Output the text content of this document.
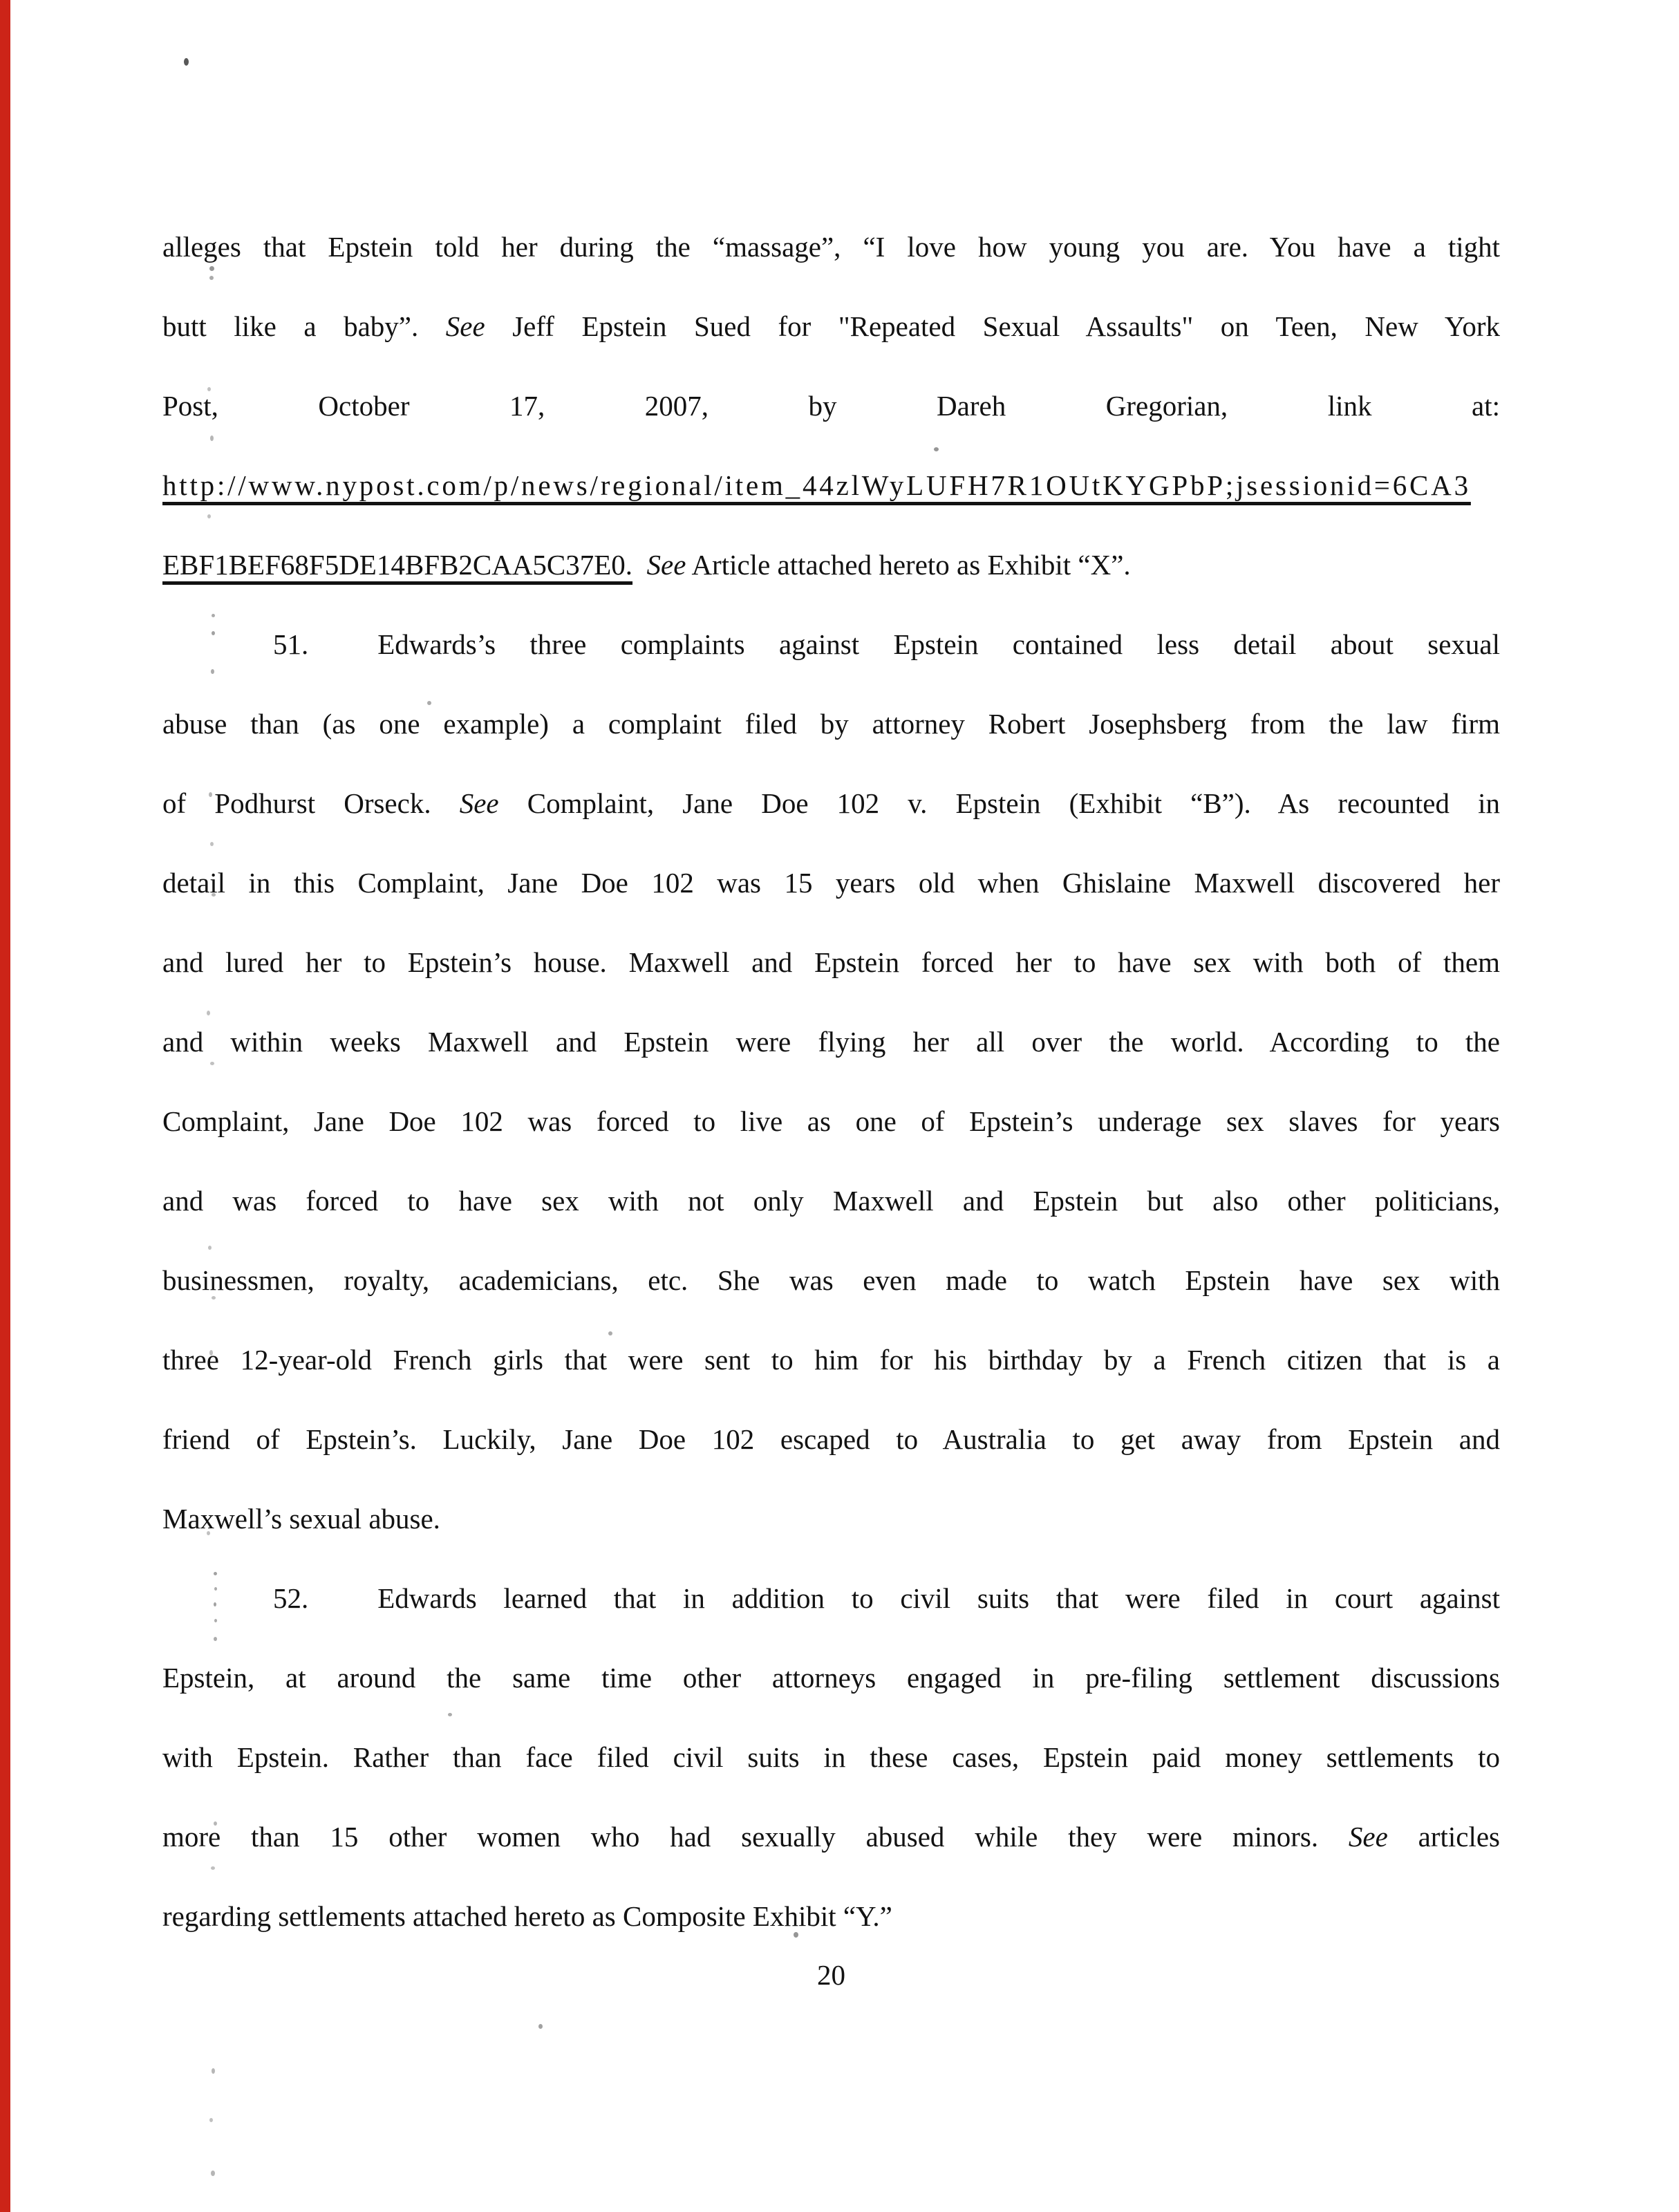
alleges that Epstein told her during the “massage”, “I love how young you are. You have a tight
butt like a baby”. See Jeff Epstein Sued for "Repeated Sexual Assaults" on Teen, New York
Post, October 17, 2007, by Dareh Gregorian, link at:
http://www.nypost.com/p/news/regional/item_44zlWyLUFH7R1OUtKYGPbP;jsessionid=6CA3
EBF1BEF68F5DE14BFB2CAA5C37E0. See Article attached hereto as Exhibit “X”.
51. Edwards’s three complaints against Epstein contained less detail about sexual
abuse than (as one example) a complaint filed by attorney Robert Josephsberg from the law firm
of Podhurst Orseck. See Complaint, Jane Doe 102 v. Epstein (Exhibit “B”). As recounted in
detail in this Complaint, Jane Doe 102 was 15 years old when Ghislaine Maxwell discovered her
and lured her to Epstein’s house. Maxwell and Epstein forced her to have sex with both of them
and within weeks Maxwell and Epstein were flying her all over the world. According to the
Complaint, Jane Doe 102 was forced to live as one of Epstein’s underage sex slaves for years
and was forced to have sex with not only Maxwell and Epstein but also other politicians,
businessmen, royalty, academicians, etc. She was even made to watch Epstein have sex with
three 12-year-old French girls that were sent to him for his birthday by a French citizen that is a
friend of Epstein’s. Luckily, Jane Doe 102 escaped to Australia to get away from Epstein and
Maxwell’s sexual abuse.
52. Edwards learned that in addition to civil suits that were filed in court against
Epstein, at around the same time other attorneys engaged in pre-filing settlement discussions
with Epstein. Rather than face filed civil suits in these cases, Epstein paid money settlements to
more than 15 other women who had sexually abused while they were minors. See articles
regarding settlements attached hereto as Composite Exhibit “Y.”
20
